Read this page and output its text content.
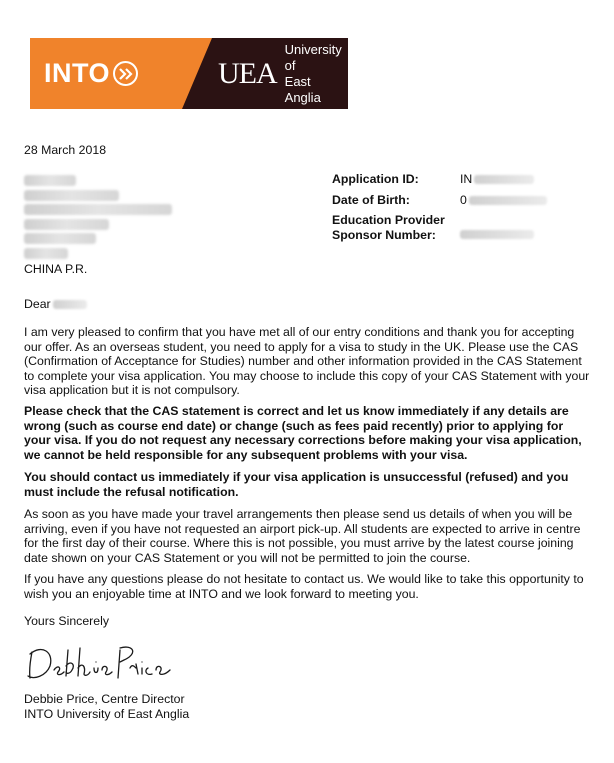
INTO	UEA
University of
East Anglia
28 March 2018
CHINA P.R.
Application ID:	IN
Date of Birth:	0
Education Provider
Sponsor Number:
Dear
I am very pleased to confirm that you have met all of our entry conditions and thank you for accepting our offer. As an overseas student, you need to apply for a visa to study in the UK. Please use the CAS (Confirmation of Acceptance for Studies) number and other information provided in the CAS Statement to complete your visa application. You may choose to include this copy of your CAS Statement with your visa application but it is not compulsory.
Please check that the CAS statement is correct and let us know immediately if any details are wrong (such as course end date) or change (such as fees paid recently) prior to applying for your visa. If you do not request any necessary corrections before making your visa application, we cannot be held responsible for any subsequent problems with your visa.
You should contact us immediately if your visa application is unsuccessful (refused) and you must include the refusal notification.
As soon as you have made your travel arrangements then please send us details of when you will be arriving, even if you have not requested an airport pick-up. All students are expected to arrive in centre for the first day of their course. Where this is not possible, you must arrive by the latest course joining date shown on your CAS Statement or you will not be permitted to join the course.
If you have any questions please do not hesitate to contact us. We would like to take this opportunity to wish you an enjoyable time at INTO and we look forward to meeting you.
Yours Sincerely
Debbie Price, Centre Director
INTO University of East Anglia
